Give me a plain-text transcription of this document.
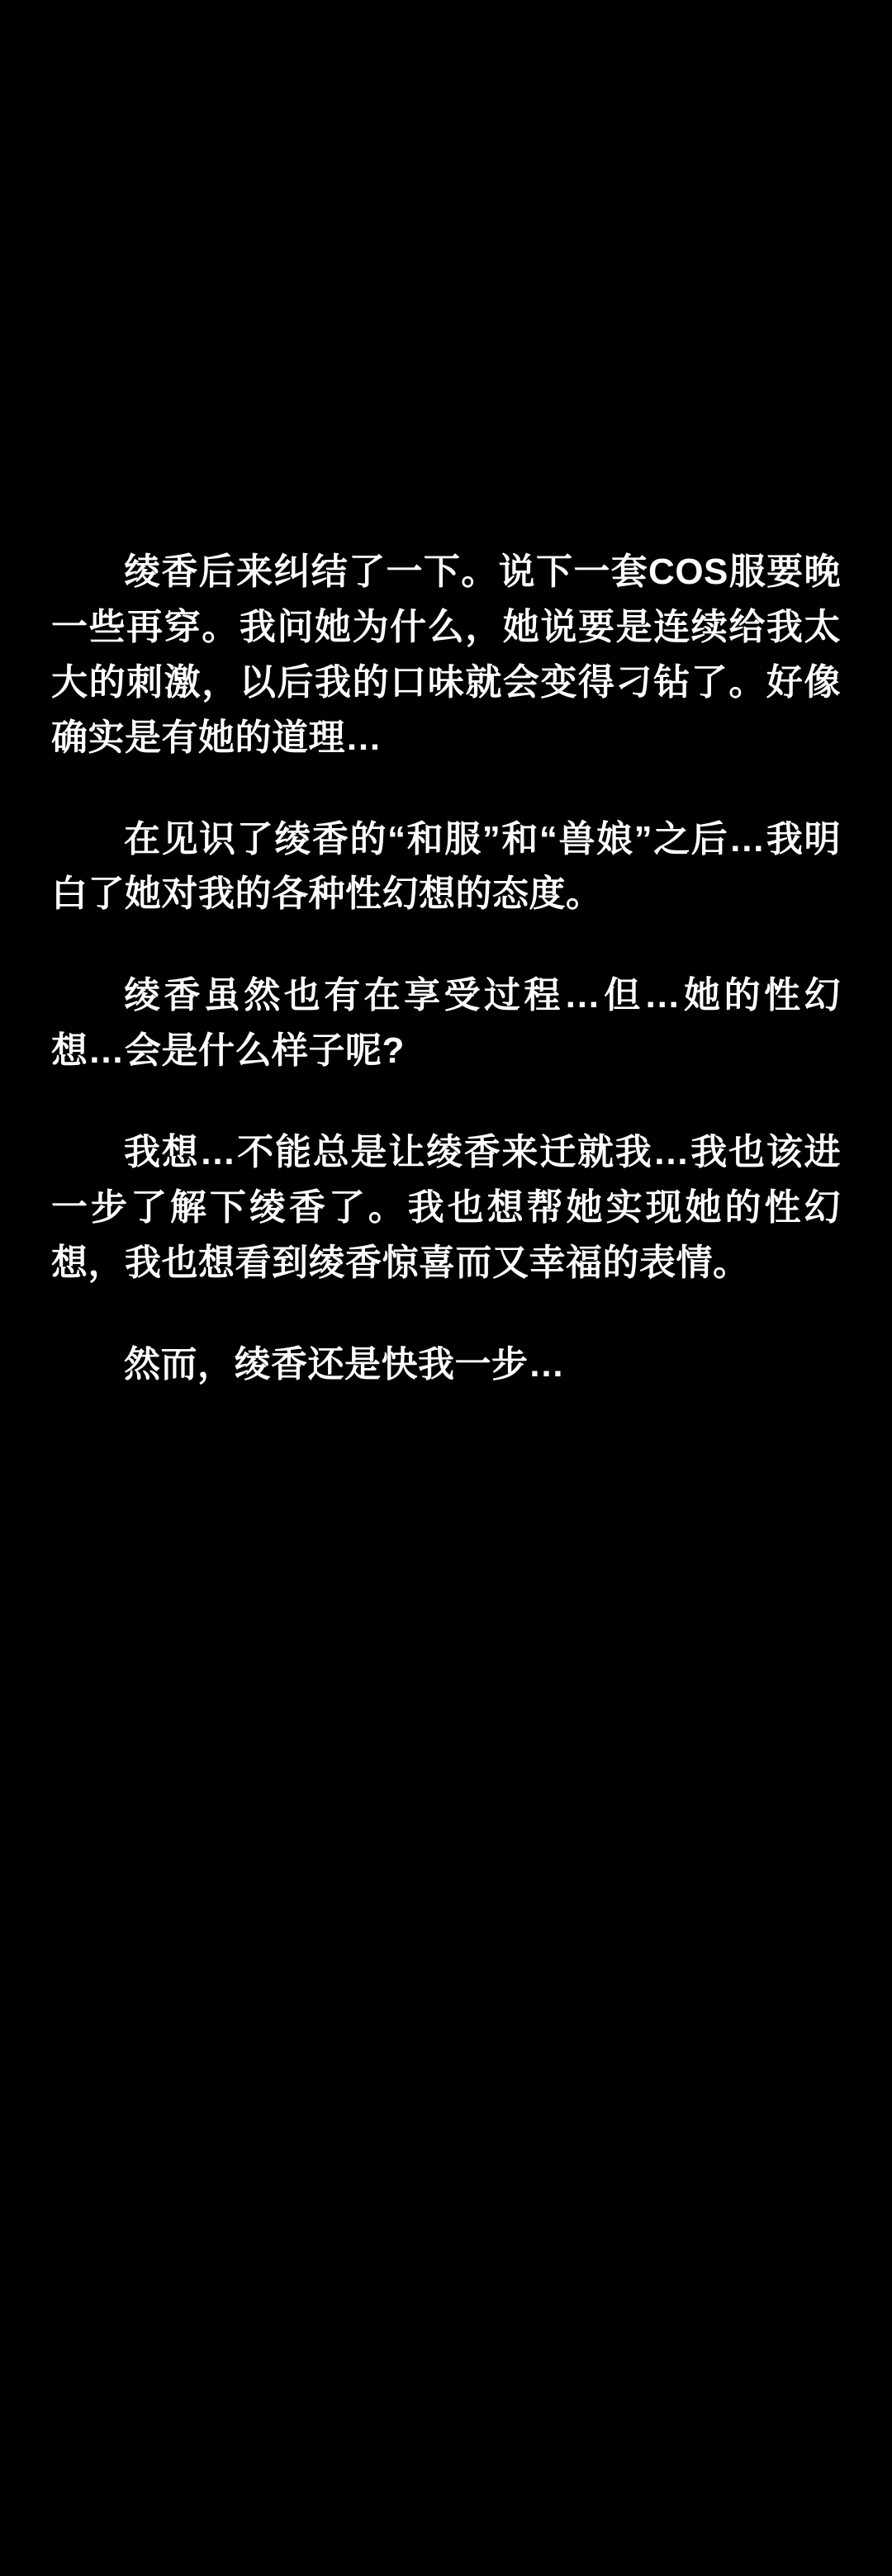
绫香后来纠结了一下。说下一套COS服要晚一些再穿。我问她为什么，她说要是连续给我太大的刺激，以后我的口味就会变得刁钻了。好像确实是有她的道理…

在见识了绫香的“和服”和“兽娘”之后…我明白了她对我的各种性幻想的态度。

绫香虽然也有在享受过程…但…她的性幻想…会是什么样子呢?

我想…不能总是让绫香来迁就我…我也该进一步了解下绫香了。我也想帮她实现她的性幻想，我也想看到绫香惊喜而又幸福的表情。

然而，绫香还是快我一步…
